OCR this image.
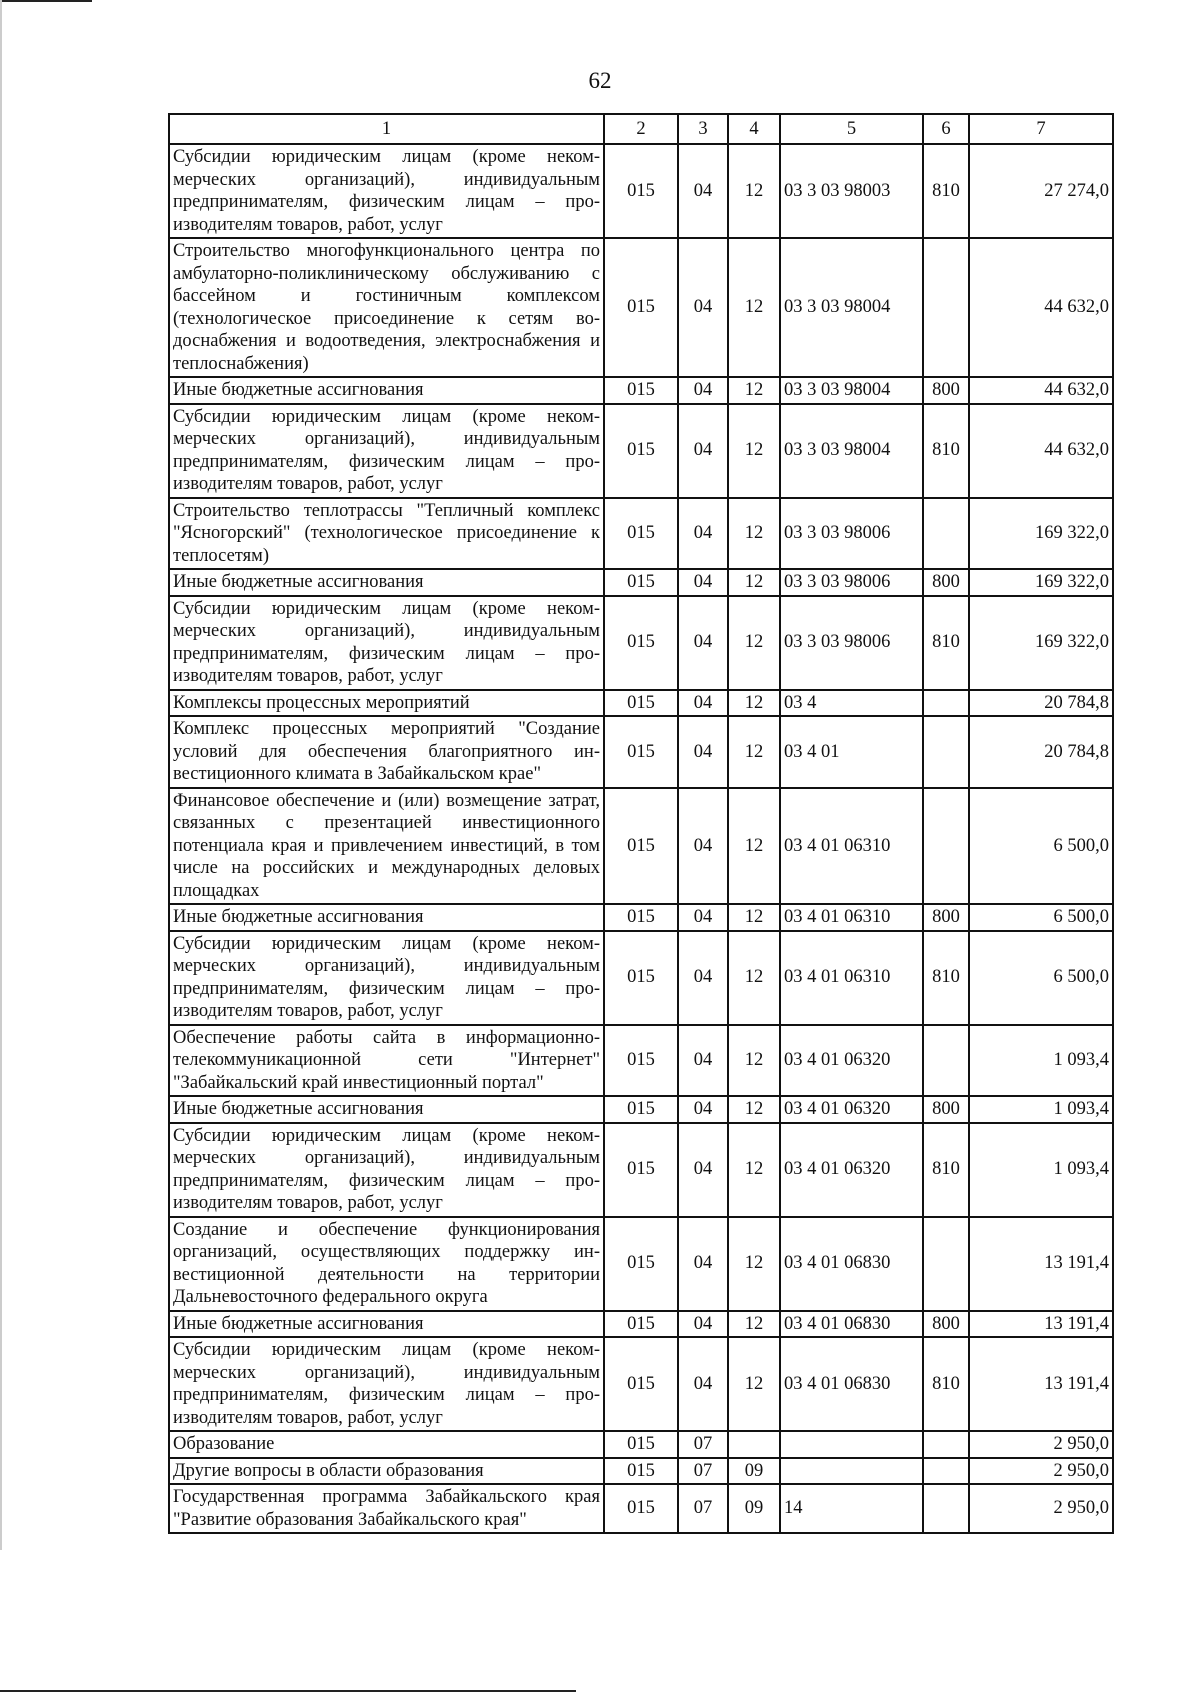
62
1	2	3	4	5	6	7
Субсидии юридическим лицам (кроме некоммерческих организаций), индивидуальным предпринимателям, физическим лицам – производителям товаров, работ, услуг	015	04	12	03 3 03 98003	810	27 274,0
Строительство многофункционального центра по амбулаторно-поликлиническому обслуживанию с бассейном и гостиничным комплексом (технологическое присоединение к сетям водоснабжения и водоотведения, электроснабжения и теплоснабжения)	015	04	12	03 3 03 98004		44 632,0
Иные бюджетные ассигнования	015	04	12	03 3 03 98004	800	44 632,0
Субсидии юридическим лицам (кроме некоммерческих организаций), индивидуальным предпринимателям, физическим лицам – производителям товаров, работ, услуг	015	04	12	03 3 03 98004	810	44 632,0
Строительство теплотрассы "Тепличный комплекс "Ясногорский" (технологическое присоединение к теплосетям)	015	04	12	03 3 03 98006		169 322,0
Иные бюджетные ассигнования	015	04	12	03 3 03 98006	800	169 322,0
Субсидии юридическим лицам (кроме некоммерческих организаций), индивидуальным предпринимателям, физическим лицам – производителям товаров, работ, услуг	015	04	12	03 3 03 98006	810	169 322,0
Комплексы процессных мероприятий	015	04	12	03 4		20 784,8
Комплекс процессных мероприятий "Создание условий для обеспечения благоприятного инвестиционного климата в Забайкальском крае"	015	04	12	03 4 01		20 784,8
Финансовое обеспечение и (или) возмещение затрат, связанных с презентацией инвестиционного потенциала края и привлечением инвестиций, в том числе на российских и международных деловых площадках	015	04	12	03 4 01 06310		6 500,0
Иные бюджетные ассигнования	015	04	12	03 4 01 06310	800	6 500,0
Субсидии юридическим лицам (кроме некоммерческих организаций), индивидуальным предпринимателям, физическим лицам – производителям товаров, работ, услуг	015	04	12	03 4 01 06310	810	6 500,0
Обеспечение работы сайта в информационно-телекоммуникационной сети "Интернет" "Забайкальский край инвестиционный портал"	015	04	12	03 4 01 06320		1 093,4
Иные бюджетные ассигнования	015	04	12	03 4 01 06320	800	1 093,4
Субсидии юридическим лицам (кроме некоммерческих организаций), индивидуальным предпринимателям, физическим лицам – производителям товаров, работ, услуг	015	04	12	03 4 01 06320	810	1 093,4
Создание и обеспечение функционирования организаций, осуществляющих поддержку инвестиционной деятельности на территории Дальневосточного федерального округа	015	04	12	03 4 01 06830		13 191,4
Иные бюджетные ассигнования	015	04	12	03 4 01 06830	800	13 191,4
Субсидии юридическим лицам (кроме некоммерческих организаций), индивидуальным предпринимателям, физическим лицам – производителям товаров, работ, услуг	015	04	12	03 4 01 06830	810	13 191,4
Образование	015	07				2 950,0
Другие вопросы в области образования	015	07	09			2 950,0
Государственная программа Забайкальского края "Развитие образования Забайкальского края"	015	07	09	14		2 950,0
